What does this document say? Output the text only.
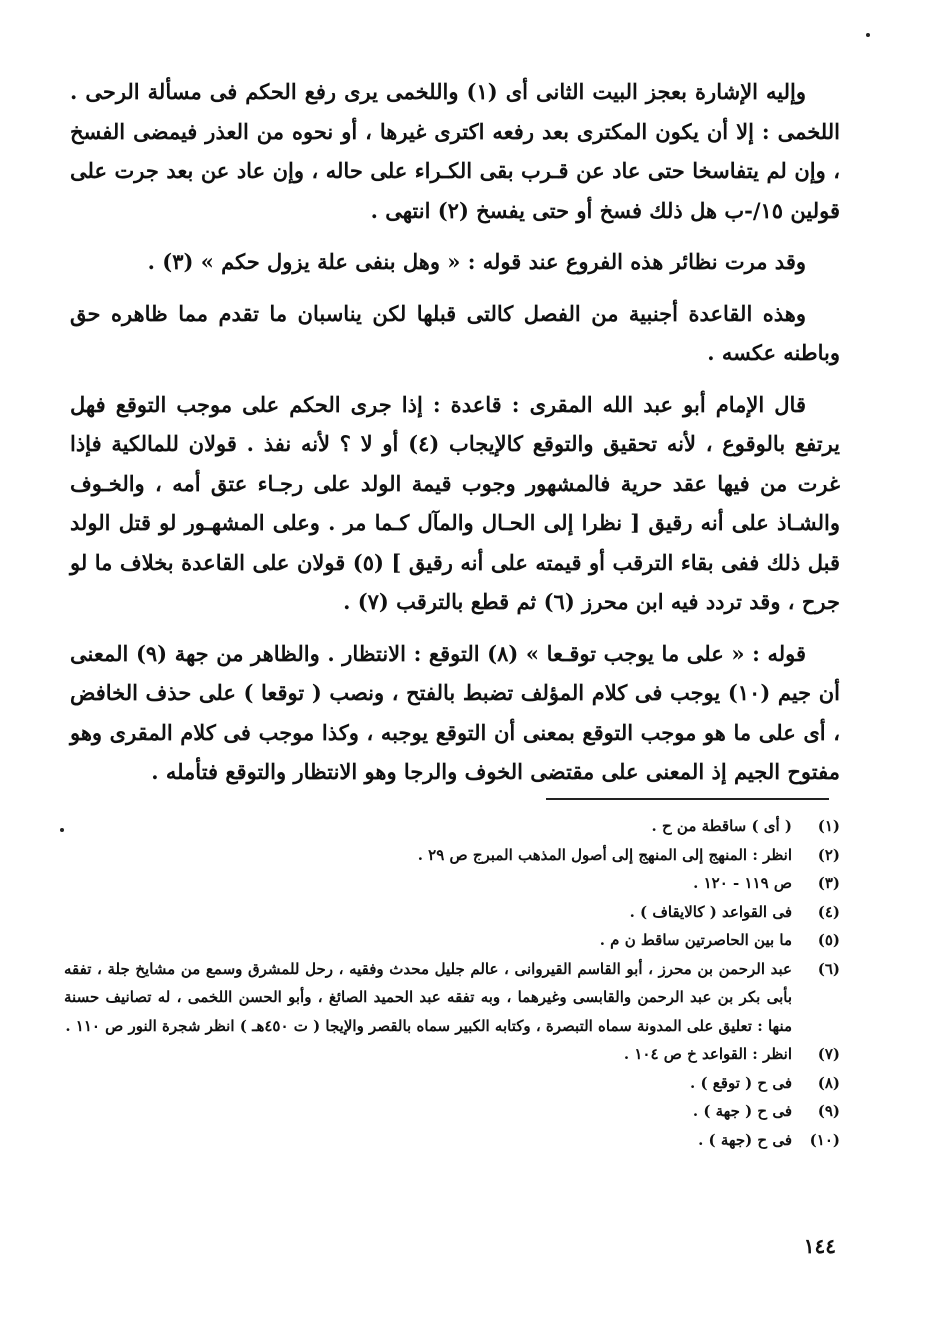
وإليه الإشارة بعجز البيت الثانى أى (١) واللخمى يرى رفع الحكم فى مسألة الرحى . اللخمى : إلا أن يكون المكترى بعد رفعه اكترى غيرها ، أو نحوه من العذر فيمضى الفسخ ، وإن لم يتفاسخا حتى عاد عن قـرب بقى الكـراء على حاله ، وإن عاد عن بعد جرت على قولين ١٥/-ب هل ذلك فسخ أو حتى يفسخ (٢) انتهى .

وقد مرت نظائر هذه الفروع عند قوله : « وهل بنفى علة يزول حكم » (٣) .

وهذه القاعدة أجنبية من الفصل كالتى قبلها لكن يناسبان ما تقدم مما ظاهره حق وباطنه عكسه .

قال الإمام أبو عبد الله المقرى : قاعدة : إذا جرى الحكم على موجب التوقع فهل يرتفع بالوقوع ، لأنه تحقيق والتوقع كالإيجاب (٤) أو لا ؟ لأنه نفذ . قولان للمالكية فإذا غرت من فيها عقد حرية فالمشهور وجوب قيمة الولد على رجـاء عتق أمه ، والخـوف والشـاذ على أنه رقيق [ نظرا إلى الحـال والمآل كـما مر . وعلى المشهـور لو قتل الولد قبل ذلك ففى بقاء الترقب أو قيمته على أنه رقيق ] (٥) قولان على القاعدة بخلاف ما لو جرح ، وقد تردد فيه ابن محرز (٦) ثم قطع بالترقب (٧) .

قوله : « على ما يوجب توقـعا » (٨) التوقع : الانتظار . والظاهر من جهة (٩) المعنى أن جيم (١٠) يوجب فى كلام المؤلف تضبط بالفتح ، ونصب ( توقعا ) على حذف الخافض ، أى على ما هو موجب التوقع بمعنى أن التوقع يوجبه ، وكذا موجب فى كلام المقرى وهو مفتوح الجيم إذ المعنى على مقتضى الخوف والرجا وهو الانتظار والتوقع فتأمله .

(١)( أى ) ساقطة من ح .

(٢)انظر : المنهج إلى المنهج إلى أصول المذهب المبرج ص ٢٩ .

(٣)ص ١١٩ - ١٢٠ .

(٤)فى القواعد ( كالايقاف ) .

(٥)ما بين الحاصرتين ساقط ن م .

(٦)عبد الرحمن بن محرز ، أبو القاسم القيروانى ، عالم جليل محدث وفقيه ، رحل للمشرق وسمع من مشايخ جلة ، تفقه بأبى بكر بن عبد الرحمن والقابسى وغيرهما ، وبه تفقه عبد الحميد الصائغ ، وأبو الحسن اللخمى ، له تصانيف حسنة منها : تعليق على المدونة سماه التبصرة ، وكتابه الكبير سماه بالقصر والإيجا ( ت ٤٥٠هـ ) انظر شجرة النور ص ١١٠ .

(٧)انظر : القواعد خ ص ١٠٤ .

(٨)فى ح ( توقع ) .

(٩)فى ح ( جهة ) .

(١٠)فى ح (جهة ) .

١٤٤
